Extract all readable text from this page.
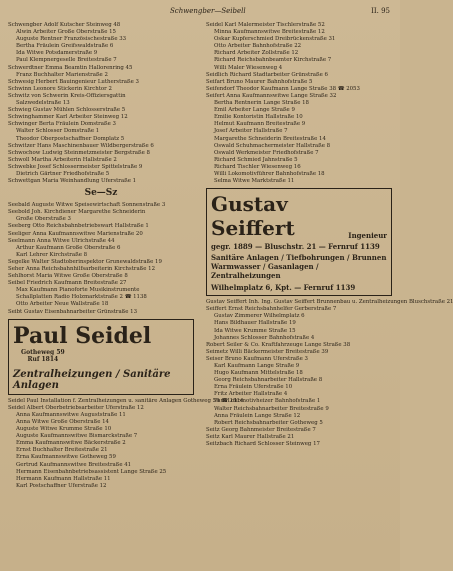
Schwengber—Seibell	II. 95
Schwengber Adolf Kutscher Steinweg 48
Alwin Arbeiter Große Oberstraße 15
Auguste Rentner Französischestraße 33
Bertha Fräulein Greifswaldstraße 6
Ida Witwe Potsdamerstraße 9
Paul Klempnergeselle Breitestraße 7
Schwerdtner Emma Beamtin Hallorenring 45
Franz Buchhalter Marienstraße 2
Schwesig Herbert Bauingenieur Lutherstraße 3
Schwinn Leonore Stickerin Kirchtor 2
Schwitz von Schwerin Kreis-Offiziersgattin
Salzwedelstraße 13
Schwieg Gustav Mühlen Schlosserstraße 5
Schwinghammer Karl Arbeiter Steinweg 12
Schwinger Berta Fräulein Domstraße 3
Walter Schlosser Domstraße 1
Theodor Oberpostschaffner Domplatz 5
Schwitzer Hans Maschinenbauer Wildbergerstraße 6
Schwochow Ludwig Steinmetzmeister Bergstraße 8
Schwoll Martha Arbeiterin Hallstraße 2
Schwebke Josef Schlossermeister Spittelstraße 9
Dietrich Gärtner Friedhofstraße 5
Schwettgan Maria Weinhandlung Uferstraße 1
Se—Sz
Seebald Auguste Witwe Speisewirtschaft Sonnenstraße 3
Seebold Joh. Kirchdiener Margarethe Schneiderin
Große Oberstraße 3
Seeberg Otto Reichsbahnbetriebswart Hallstraße 1
Seeliger Anna Kaufmannswitwe Marienstraße 20
Seelmann Anna Witwe Ulrichstraße 44
Arthur Kaufmann Große Oberstraße 6
Karl Lehrer Kirchstraße 8
Segelke Walter Stadtoberinspektor Grunewaldstraße 19
Seher Anna Reichsbahnhilfsarbeiterin Kirchstraße 12
Sehlhorst Maria Witwe Große Oberstraße 8
Seibel Friedrich Kaufmann Breitestraße 27
Max Kaufmann Pianoforte Musikinstrumente
Schallplatten Radio Holzmarktstraße 2 ☎ 1138
Otto Arbeiter Neue Wallstraße 18
Seibt Gustav Eisenbahnarbeiter Grünstraße 13
Paul Seidel Gotheweg 59
Ruf 1814
Zentralheizungen / Sanitäre Anlagen
Seidel Paul Installation f. Zentralheizungen u. sanitäre Anlagen Gotheweg 59 ☎ 1814
Seidel Albert Oberbetriebsarbeiter Uferstraße 12
Anna Kaufmannswitwe Auguststraße 11
Anna Witwe Große Oberstraße 14
Auguste Witwe Krumme Straße 10
Auguste Kaufmannswitwe Bismarckstraße 7
Emma Kaufmannswitwe Bäckerstraße 2
Ernst Buchhalter Breitestraße 21
Erna Kaufmannswitwe Gotheweg 59
Gertrud Kaufmannswitwe Breitestraße 41
Hermann Eisenbahnbetriebsassistent Lange Straße 25
Hermann Kaufmann Hallstraße 11
Karl Postschaffner Uferstraße 12
Seidel Karl Malermeister Tischlerstraße 52
Minna Kaufmannswitwe Breitestraße 12
Oskar Kupferschmied Dreibrückenstraße 31
Otto Arbeiter Bahnhofstraße 22
Richard Arbeiter Zollstraße 12
Richard Reichsbahnbeamter Kirchstraße 7
Willi Maler Wiesenweg 4
Seidlich Richard Stadtarbeiter Grünstraße 6
Seifart Bruno Maurer Bahnhofstraße 5
Seifendorf Theodor Kaufmann Lange Straße 38 ☎ 2053
Seifert Anna Kaufmannswitwe Lange Straße 32
Bertha Rentnerin Lange Straße 18
Emil Arbeiter Lange Straße 9
Emilie Kontoristin Hallstraße 10
Helmut Kaufmann Breitestraße 9
Josef Arbeiter Hallstraße 7
Margarethe Schneiderin Breitestraße 14
Oswald Schuhmachermeister Hallstraße 8
Oswald Werkmeister Friedhofstraße 7
Richard Schmied Jahnstraße 5
Richard Tischler Wiesenweg 16
Willi Lokomotivführer Bahnhofstraße 18
Selma Witwe Marktstraße 11
Gustav Seiffert	Ingenieur
gegr. 1889 — Bluschstr. 21 — Fernruf 1139
Sanitäre Anlagen / Tiefbohrungen / Brunnen Warmwasser / Gasanlagen / Zentralheizungen
Wilhelmplatz 6, Kpt. — Fernruf 1139
Gustav Seiffert Inh. Ing. Gustav Seiffert Brunnenbau u. Zentralheizungen Bluschstraße 21
Seiffert Ernst Reichsbahnhelfer Gerberstraße 7
Gustav Zimmerer Wilhelmplatz 6
Hans Bildhauer Hallstraße 19
Ida Witwe Krumme Straße 15
Johannes Schlosser Bahnhofstraße 4
Robert Seiler & Co. Kraftfahrzeuge Lange Straße 38
Seimetz Willi Bäckermeister Breitestraße 39
Seiser Bruno Kaufmann Uferstraße 3
Karl Kaufmann Lange Straße 9
Hugo Kaufmann Mittelstraße 18
Georg Reichsbahnarbeiter Hallstraße 8
Erna Fräulein Uferstraße 10
Fritz Arbeiter Hallstraße 4
Paul Lokomotivheizer Bahnhofstraße 1
Walter Reichsbahnarbeiter Breitestraße 9
Anna Fräulein Lange Straße 12
Robert Reichsbahnarbeiter Gotheweg 5
Seitz Georg Bahnmeister Breitestraße 7
Seitz Karl Maurer Hallstraße 21
Seitzbach Richard Schlosser Steinweg 17
